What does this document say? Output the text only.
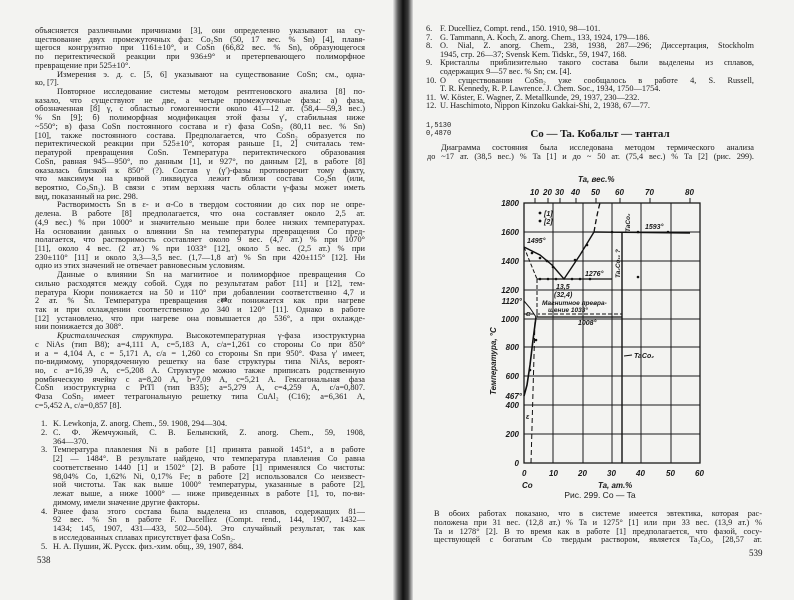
объясняется различными причинами [3], они определенно указывают на су-
ществование двух промежуточных фаз: Co₂Sn (50, 17 вес. % Sn) [4], плавя-
щегося конгруэнтно при 1161±10°, и CoSn (66,82 вес. % Sn), образующегося
по перитектической реакции при 936±9° и претерпевающего полиморфное
превращение при 525±10°.
Измерения э. д. с. [5, 6] указывают на существование CoSn; см., одна-
ко, [7].
Повторное исследование системы методом рентгеновского анализа [8] по-
казало, что существуют не две, а четыре промежуточные фазы: а) фаза,
обозначенная [8] γ, с областью гомогенности около 41—12 ат. (58,4—59,3 вес.)
% Sn [9]; б) полиморфная модификация этой фазы γ′, стабильная ниже
~550°; в) фаза CoSn постоянного состава и г) фаза CoSn₂ (80,11 вес. % Sn)
[10], также постоянного состава. Предполагается, что CoSn₂ образуется по
перитектической реакции при 525±10°, которая раньше [1, 2] считалась тем-
пературой превращения CoSn. Температура перитектического образования
CoSn, равная 945—950°, по данным [1], и 927°, по данным [2], в работе [8]
оказалась близкой к 850° (?). Состав γ (γ′)-фазы противоречит тому факту,
что максимум на кривой ликвидуса лежит вблизи состава Co₂Sn (или,
вероятно, Co₃Sn₂). В связи с этим верхняя часть области γ-фазы может иметь
вид, показанный на рис. 298.
Растворимость Sn в ε- и α-Co в твердом состоянии до сих пор не опре-
делена. В работе [8] предполагается, что она составляет около 2,5 ат.
(4,9 вес.) % при 1000° и значительно меньше при более низких температурах.
На основании данных о влиянии Sn на температуры превращения Co пред-
полагается, что растворимость составляет около 9 вес. (4,7 ат.) % при 1070°
[11], около 4 вес. (2 ат.) % при 1033° [12], около 5 вес. (2,5 ат.) % при
230±110° [11] и около 3,3—3,5 вес. (1,7—1,8 ат) % Sn при 420±115° [12]. Ни
одно из этих значений не отвечает равновесным условиям.
Данные о влиянии Sn на магнитное и полиморфное превращения Co
сильно расходятся между собой. Судя по результатам работ [11] и [12], тем-
пература Кюри понижается на 50 и 110° при добавлении соответственно 4,7 и
2 ат. % Sn. Температура превращения ε⇄α понижается как при нагреве
так и при охлаждении соответственно до 340 и 120° [11]. Однако в работе
[12] установлено, что при нагреве она повышается до 536°, а при охлажде-
нии понижается до 308°.
Кристаллическая структура. Высокотемпературная γ-фаза изоструктурна
с NiAs (тип B8); a=4,111 A, c=5,183 A, c/a=1,261 со стороны Co при 850°
и a = 4,104 A, c = 5,171 A, c/a = 1,260 со стороны Sn при 950°. Фаза γ′ имеет,
по-видимому, упорядоченную решетку на базе структуры типа NiAs, вероят-
но, с a=16,39 A, c=5,208 A. Структуре можно также приписать родственную
ромбическую ячейку с a=8,20 A, b=7,09 A, c=5,21 A. Гексагональная фаза
CoSn изоструктурна с PtTl (тип B35); a=5,279 A, c=4,259 A, c/a=0,807.
Фаза CoSn₂ имеет тетрагональную решетку типа CuAl₂ (C16); a=6,361 A,
c=5,452 A, c/a=0,857 [8].
1. K. Lewkonja, Z. anorg. Chem., 59. 1908, 294—304.
2. С. Ф. Жемчужный, С. В. Белынский, Z. anorg. Chem., 59, 1908,
364—370.
3. Температура плавления Ni в работе [1] принята равной 1451°, а в работе
[2] — 1484°. В результате найдено, что температура плавления Co равна
соответственно 1440 [1] и 1502° [2]. В работе [1] применялся Co чистоты:
98,04% Co, 1,62% Ni, 0,17% Fe; в работе [2] использовался Co неизвест-
ной чистоты. Так как выше 1000° температуры, указанные в работе [2],
лежат выше, а ниже 1000° — ниже приведенных в работе [1], то, по-ви-
димому, имели значение другие факторы.
4. Ранее фаза этого состава была выделена из сплавов, содержащих 81—
92 вес. % Sn в работе F. Ducelliez (Compt. rend., 144, 1907, 1432—
1434; 145, 1907, 431—433, 502—504). Это случайный результат, так как
в исследованных сплавах присутствует фаза CoSn₂.
5. Н. А. Пушин, Ж. Русск. физ.-хим. общ., 39, 1907, 884.
538
6. F. Ducelliez, Compt. rend., 150. 1910, 98—101.
7. G. Tammann, A. Koch, Z. anorg. Chem., 133, 1924, 179—186.
8. O. Nial, Z. anorg. Chem., 238, 1938, 287—296; Диссертация, Stockholm
1945, стр. 26—37; Svensk Kem. Tidskr., 59, 1947, 168.
9. Кристаллы приблизительно такого состава были выделены из сплавов,
содержащих 9—57 вес. % Sn; см. [4].
10. О существовании CoSn₂ уже сообщалось в работе 4, S. Russell,
T. R. Kennedy, R. P. Lawrence. J. Chem. Soc., 1934, 1750—1754.
11. W. Köster, E. Wagner, Z. Metallkunde, 29, 1937, 230—232.
12. U. Haschimoto, Nippon Kinzoku Gakkai-Shi, 2, 1938, 67—77.
1,5130
0,4870	Co — Ta. Кобальт — тантал
Диаграмма состояния была исследована методом термического анализа
до ~17 ат. (38,5 вес.) % Ta [1] и до ~ 50 ат. (75,4 вес.) % Ta [2] (рис. 299).
Ta, вес.%
10 20 30 40 50 60	70	80
1800
1600
1400
1200
1000
800
600
400
200
0
1120°
467°
Температура, °С
0	10	20	30	40	50	60
Co	Ta, ат.%
[1]
[2]
1495°
1593°
1276°
13,5
(32,4)
Магнитное превра-
щение 1033°
1008°
α
ε
TaCo₂
Ta₂Co₁₁ ?
TaCo₂
Рис. 299. Co — Ta
В обоих работах показано, что в системе имеется эвтектика, которая рас-
положена при 31 вес. (12,8 ат.) % Ta и 1275° [1] или при 33 вес. (13,9 ат.) %
Ta и 1278° [2]. В то время как в работе [1] предполагается, что фазой, сосу-
ществующей с богатым Co твердым раствором, является Ta₂Co₉ [28,57 ат.
539
